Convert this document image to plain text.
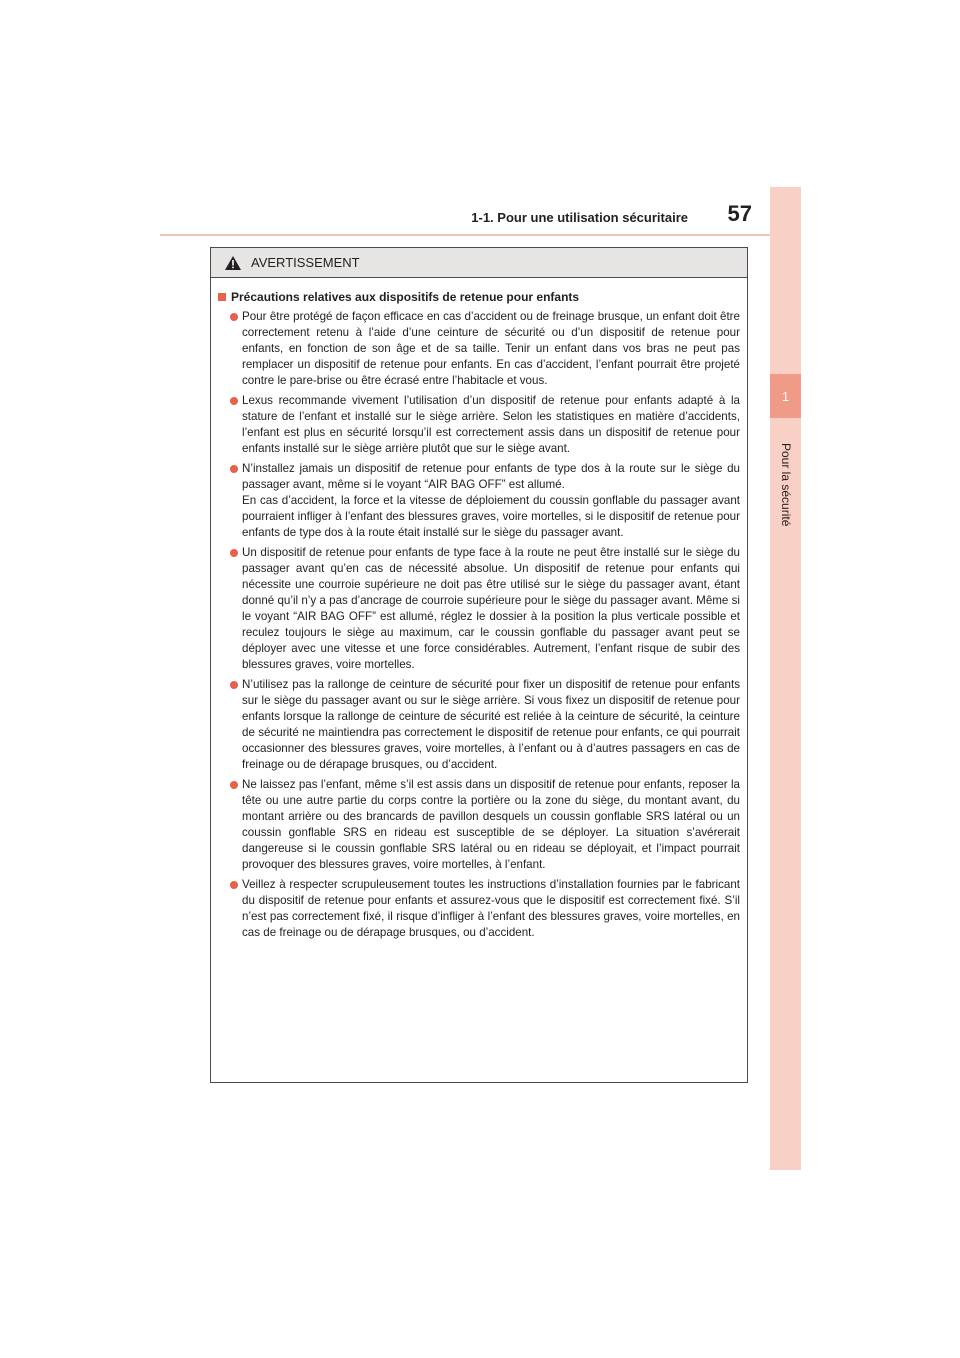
1-1. Pour une utilisation sécuritaire 57
1
Pour la sécurité
AVERTISSEMENT
Précautions relatives aux dispositifs de retenue pour enfants
Pour être protégé de façon efficace en cas d’accident ou de freinage brusque, un enfant doit être correctement retenu à l’aide d’une ceinture de sécurité ou d’un dispositif de retenue pour enfants, en fonction de son âge et de sa taille. Tenir un enfant dans vos bras ne peut pas remplacer un dispositif de retenue pour enfants. En cas d’accident, l’enfant pourrait être projeté contre le pare-brise ou être écrasé entre l’habitacle et vous.
Lexus recommande vivement l’utilisation d’un dispositif de retenue pour enfants adapté à la stature de l’enfant et installé sur le siège arrière. Selon les statistiques en matière d’accidents, l’enfant est plus en sécurité lorsqu’il est correctement assis dans un dispositif de retenue pour enfants installé sur le siège arrière plutôt que sur le siège avant.
N’installez jamais un dispositif de retenue pour enfants de type dos à la route sur le siège du passager avant, même si le voyant “AIR BAG OFF” est allumé.
En cas d’accident, la force et la vitesse de déploiement du coussin gonflable du passager avant pourraient infliger à l’enfant des blessures graves, voire mortelles, si le dispositif de retenue pour enfants de type dos à la route était installé sur le siège du passager avant.
Un dispositif de retenue pour enfants de type face à la route ne peut être installé sur le siège du passager avant qu’en cas de nécessité absolue. Un dispositif de retenue pour enfants qui nécessite une courroie supérieure ne doit pas être utilisé sur le siège du passager avant, étant donné qu’il n’y a pas d’ancrage de courroie supérieure pour le siège du passager avant. Même si le voyant “AIR BAG OFF” est allumé, réglez le dossier à la position la plus verticale possible et reculez toujours le siège au maximum, car le coussin gonflable du passager avant peut se déployer avec une vitesse et une force considérables. Autrement, l’enfant risque de subir des blessures graves, voire mortelles.
N’utilisez pas la rallonge de ceinture de sécurité pour fixer un dispositif de retenue pour enfants sur le siège du passager avant ou sur le siège arrière. Si vous fixez un dispositif de retenue pour enfants lorsque la rallonge de ceinture de sécurité est reliée à la ceinture de sécurité, la ceinture de sécurité ne maintiendra pas correctement le dispositif de retenue pour enfants, ce qui pourrait occasionner des blessures graves, voire mortelles, à l’enfant ou à d’autres passagers en cas de freinage ou de dérapage brusques, ou d’accident.
Ne laissez pas l’enfant, même s’il est assis dans un dispositif de retenue pour enfants, reposer la tête ou une autre partie du corps contre la portière ou la zone du siège, du montant avant, du montant arrière ou des brancards de pavillon desquels un coussin gonflable SRS latéral ou un coussin gonflable SRS en rideau est susceptible de se déployer. La situation s’avérerait dangereuse si le coussin gonflable SRS latéral ou en rideau se déployait, et l’impact pourrait provoquer des blessures graves, voire mortelles, à l’enfant.
Veillez à respecter scrupuleusement toutes les instructions d’installation fournies par le fabricant du dispositif de retenue pour enfants et assurez-vous que le dispositif est correctement fixé. S’il n’est pas correctement fixé, il risque d’infliger à l’enfant des blessures graves, voire mortelles, en cas de freinage ou de dérapage brusques, ou d’accident.
